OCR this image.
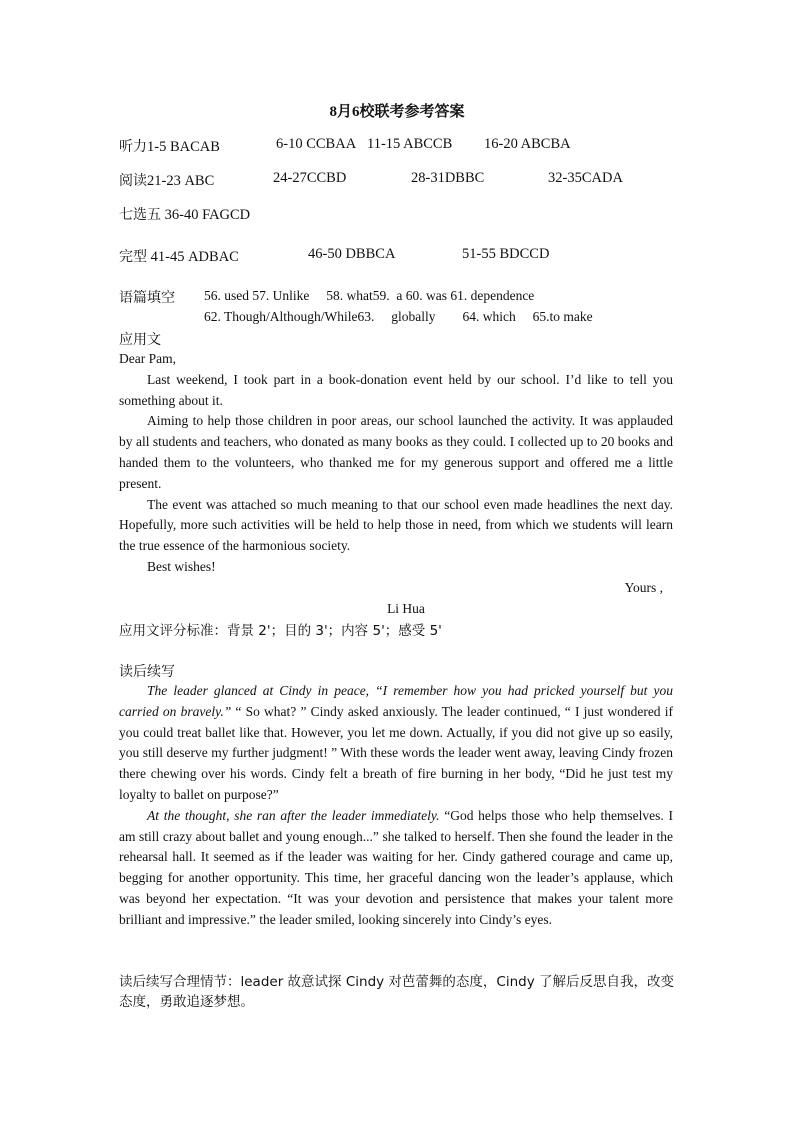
8月6校联考参考答案
听力1-5 BACAB	6-10 CCBAA 11-15 ABCCB 16-20 ABCBA
阅读21-23 ABC	24-27CCBD	28-31DBBC	32-35CADA
七选五 36-40 FAGCD
完型 41-45 ADBAC	46-50 DBBCA	51-55 BDCCD
语篇填空 56. used 57. Unlike     58. what59.  a 60. was 61. dependence
62. Though/Although/While63.     globally        64. which     65.to make
应用文

Dear Pam,

Last weekend, I took part in a book-donation event held by our school. I’d like to tell you something about it.

Aiming to help those children in poor areas, our school launched the activity. It was applauded by all students and teachers, who donated as many books as they could. I collected up to 20 books and handed them to the volunteers, who thanked me for my generous support and offered me a little present.

The event was attached so much meaning to that our school even made headlines the next day. Hopefully, more such activities will be held to help those in need, from which we students will learn the true essence of the harmonious society.

Best wishes!

Yours ,

Li Hua

应用文评分标准：背景 2'；目的 3'；内容 5'；感受 5'
读后续写

The leader glanced at Cindy in peace, “I remember how you had pricked yourself but you carried on bravely.” “ So what? ” Cindy asked anxiously. The leader continued, “ I just wondered if you could treat ballet like that. However, you let me down. Actually, if you did not give up so easily, you still deserve my further judgment! ” With these words the leader went away, leaving Cindy frozen there chewing over his words. Cindy felt a breath of fire burning in her body, “Did he just test my loyalty to ballet on purpose?”

At the thought, she ran after the leader immediately. “God helps those who help themselves. I am still crazy about ballet and young enough...” she talked to herself. Then she found the leader in the rehearsal hall. It seemed as if the leader was waiting for her. Cindy gathered courage and came up, begging for another opportunity. This time, her graceful dancing won the leader’s applause, which was beyond her expectation. “It was your devotion and persistence that makes your talent more brilliant and impressive.” the leader smiled, looking sincerely into Cindy’s eyes.

读后续写合理情节：leader 故意试探 Cindy 对芭蕾舞的态度，Cindy 了解后反思自我，改变态度，勇敢追逐梦想。
